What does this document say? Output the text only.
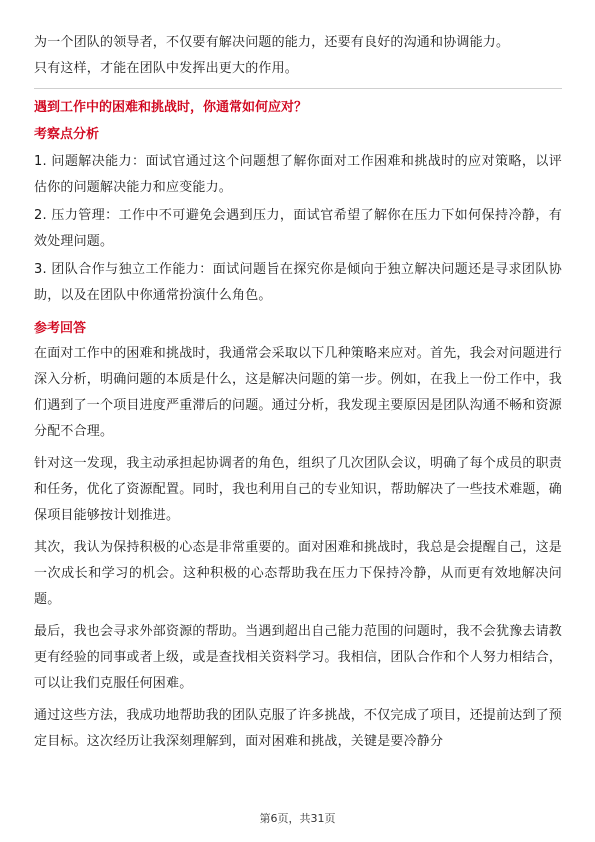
为一个团队的领导者，不仅要有解决问题的能力，还要有良好的沟通和协调能力。

只有这样，才能在团队中发挥出更大的作用。

遇到工作中的困难和挑战时，你通常如何应对？
考察点分析

1. 问题解决能力：面试官通过这个问题想了解你面对工作困难和挑战时的应对策略，以评估你的问题解决能力和应变能力。

2. 压力管理：工作中不可避免会遇到压力，面试官希望了解你在压力下如何保持冷静，有效处理问题。

3. 团队合作与独立工作能力：面试问题旨在探究你是倾向于独立解决问题还是寻求团队协助，以及在团队中你通常扮演什么角色。

参考回答

在面对工作中的困难和挑战时，我通常会采取以下几种策略来应对。首先，我会对问题进行深入分析，明确问题的本质是什么，这是解决问题的第一步。例如，在我上一份工作中，我们遇到了一个项目进度严重滞后的问题。通过分析，我发现主要原因是团队沟通不畅和资源分配不合理。

针对这一发现，我主动承担起协调者的角色，组织了几次团队会议，明确了每个成员的职责和任务，优化了资源配置。同时，我也利用自己的专业知识，帮助解决了一些技术难题，确保项目能够按计划推进。

其次，我认为保持积极的心态是非常重要的。面对困难和挑战时，我总是会提醒自己，这是一次成长和学习的机会。这种积极的心态帮助我在压力下保持冷静，从而更有效地解决问题。

最后，我也会寻求外部资源的帮助。当遇到超出自己能力范围的问题时，我不会犹豫去请教更有经验的同事或者上级，或是查找相关资料学习。我相信，团队合作和个人努力相结合，可以让我们克服任何困难。

通过这些方法，我成功地帮助我的团队克服了许多挑战，不仅完成了项目，还提前达到了预定目标。这次经历让我深刻理解到，面对困难和挑战，关键是要冷静分

第6页，共31页
